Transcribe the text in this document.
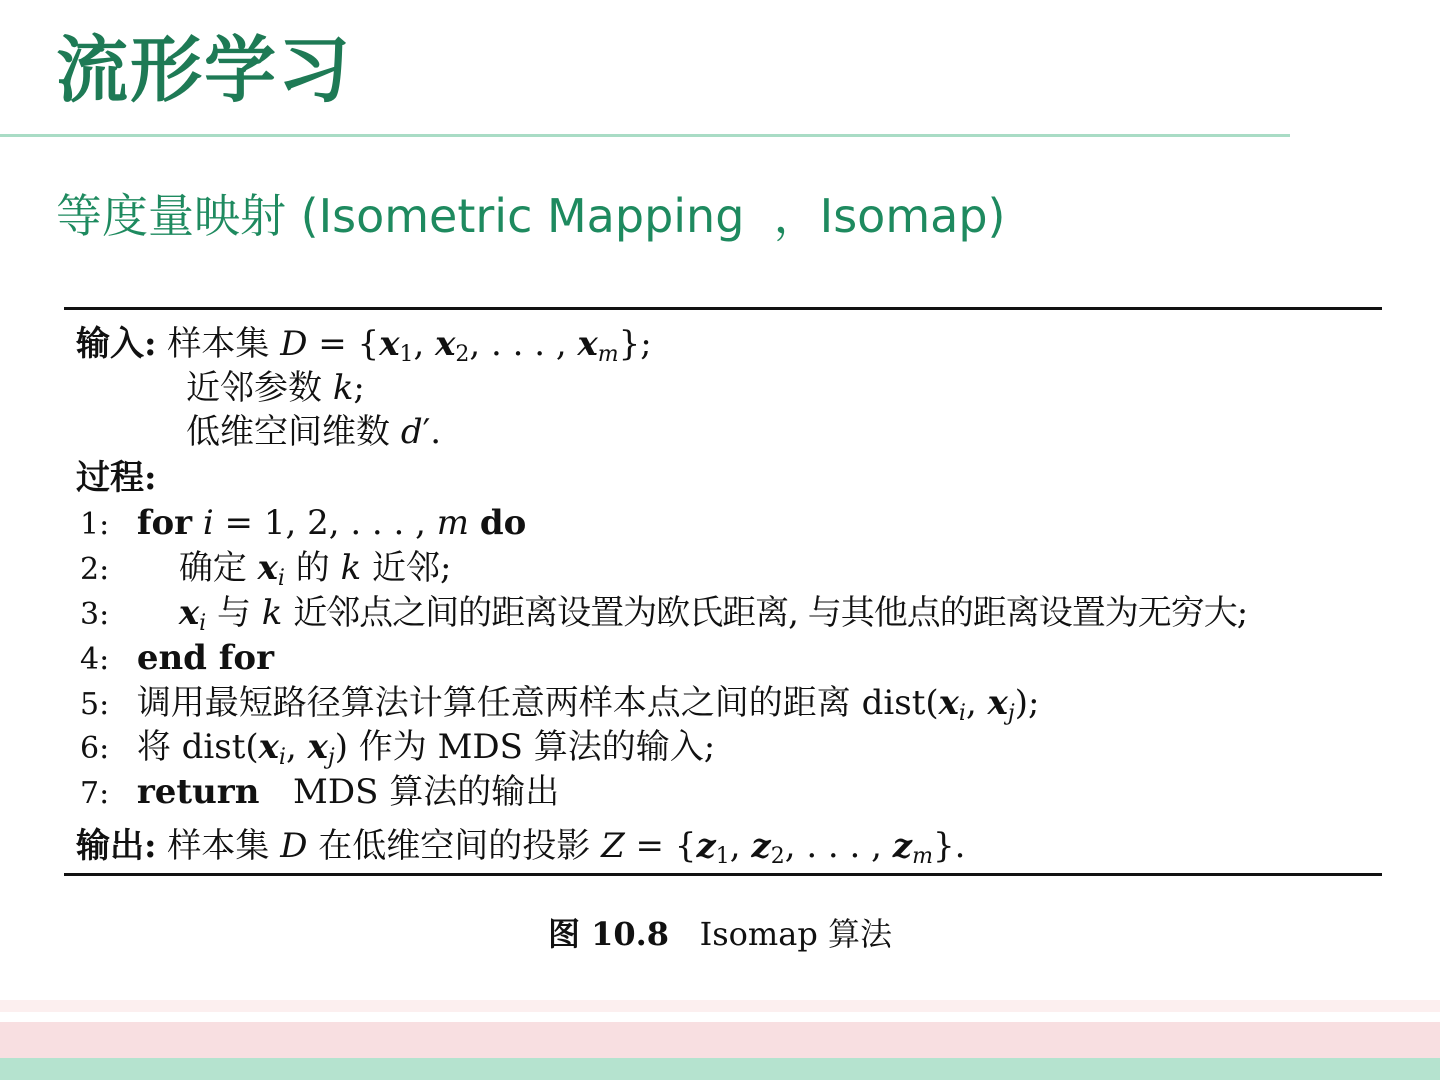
流形学习
等度量映射 (Isometric Mapping  ，Isomap)
输入: 样本集 $D = \{x_1$, $x_2$, . . . , $x_m$};
近邻参数 k;
低维空间维数 d′.
过程:
1: for i = 1, 2, . . . , m do
2: 确定 $x_i$ 的 k 近邻;
3: $x_i$ 与 k 近邻点之间的距离设置为欧氏距离, 与其他点的距离设置为无穷大;
4: end for
5: 调用最短路径算法计算任意两样本点之间的距离 $dist(x_i$, $x_j$);
6: 将 $dist(x_i$, $x_j$) 作为 MDS 算法的输入;
7: return MDS 算法的输出
输出: 样本集 D 在低维空间的投影 $Z = \{z_1$, $z_2$, . . . , $z_m$}.
图 10.8 Isomap 算法
